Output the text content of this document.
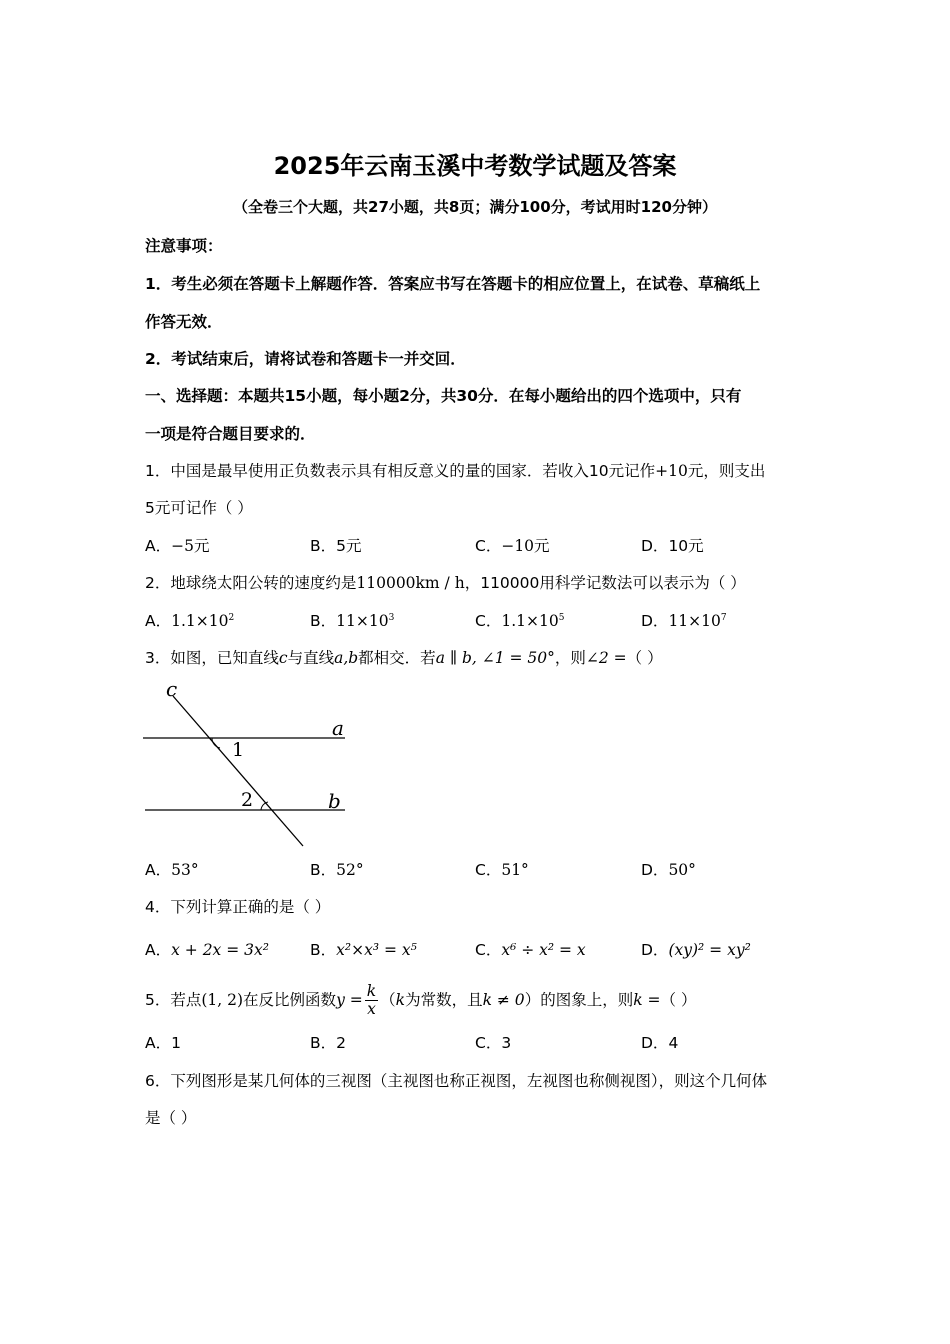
2025年云南玉溪中考数学试题及答案
（全卷三个大题，共27小题，共8页；满分100分，考试用时120分钟）
注意事项：
1．考生必须在答题卡上解题作答．答案应书写在答题卡的相应位置上，在试卷、草稿纸上
作答无效．
2．考试结束后，请将试卷和答题卡一并交回．
一、选择题：本题共15小题，每小题2分，共30分．在每小题给出的四个选项中，只有
一项是符合题目要求的．
1．中国是最早使用正负数表示具有相反意义的量的国家．若收入10元记作+10元，则支出
5元可记作（ ）
A．−5元	B．5元	C．−10元	D．10元
2．地球绕太阳公转的速度约是110000km / h，110000用科学记数法可以表示为（ ）
A．$1.1\times 10^2$	B．$11\times 10^3$	C．$1.1\times 10^5$	D．$11\times 10^7$
3．如图，已知直线c与直线a,b都相交．若a ∥ b, ∠1 = 50°，则∠2 =（ ）
c
a
b
1
2
A．53°	B．52°	C．51°	D．50°
4．下列计算正确的是（ ）
A．x + 2x = 3x²	B．x²×x³ = x⁵	C．x⁶ ÷ x² = x	D．(xy)² = xy²
5．若点(1, 2)在反比例函数$y = \frac{k}{x} (k$为常数，且k ≠ 0）的图象上，则k =（ ）
A．1	B．2	C．3	D．4
6．下列图形是某几何体的三视图（主视图也称正视图，左视图也称侧视图），则这个几何体
是（ ）
